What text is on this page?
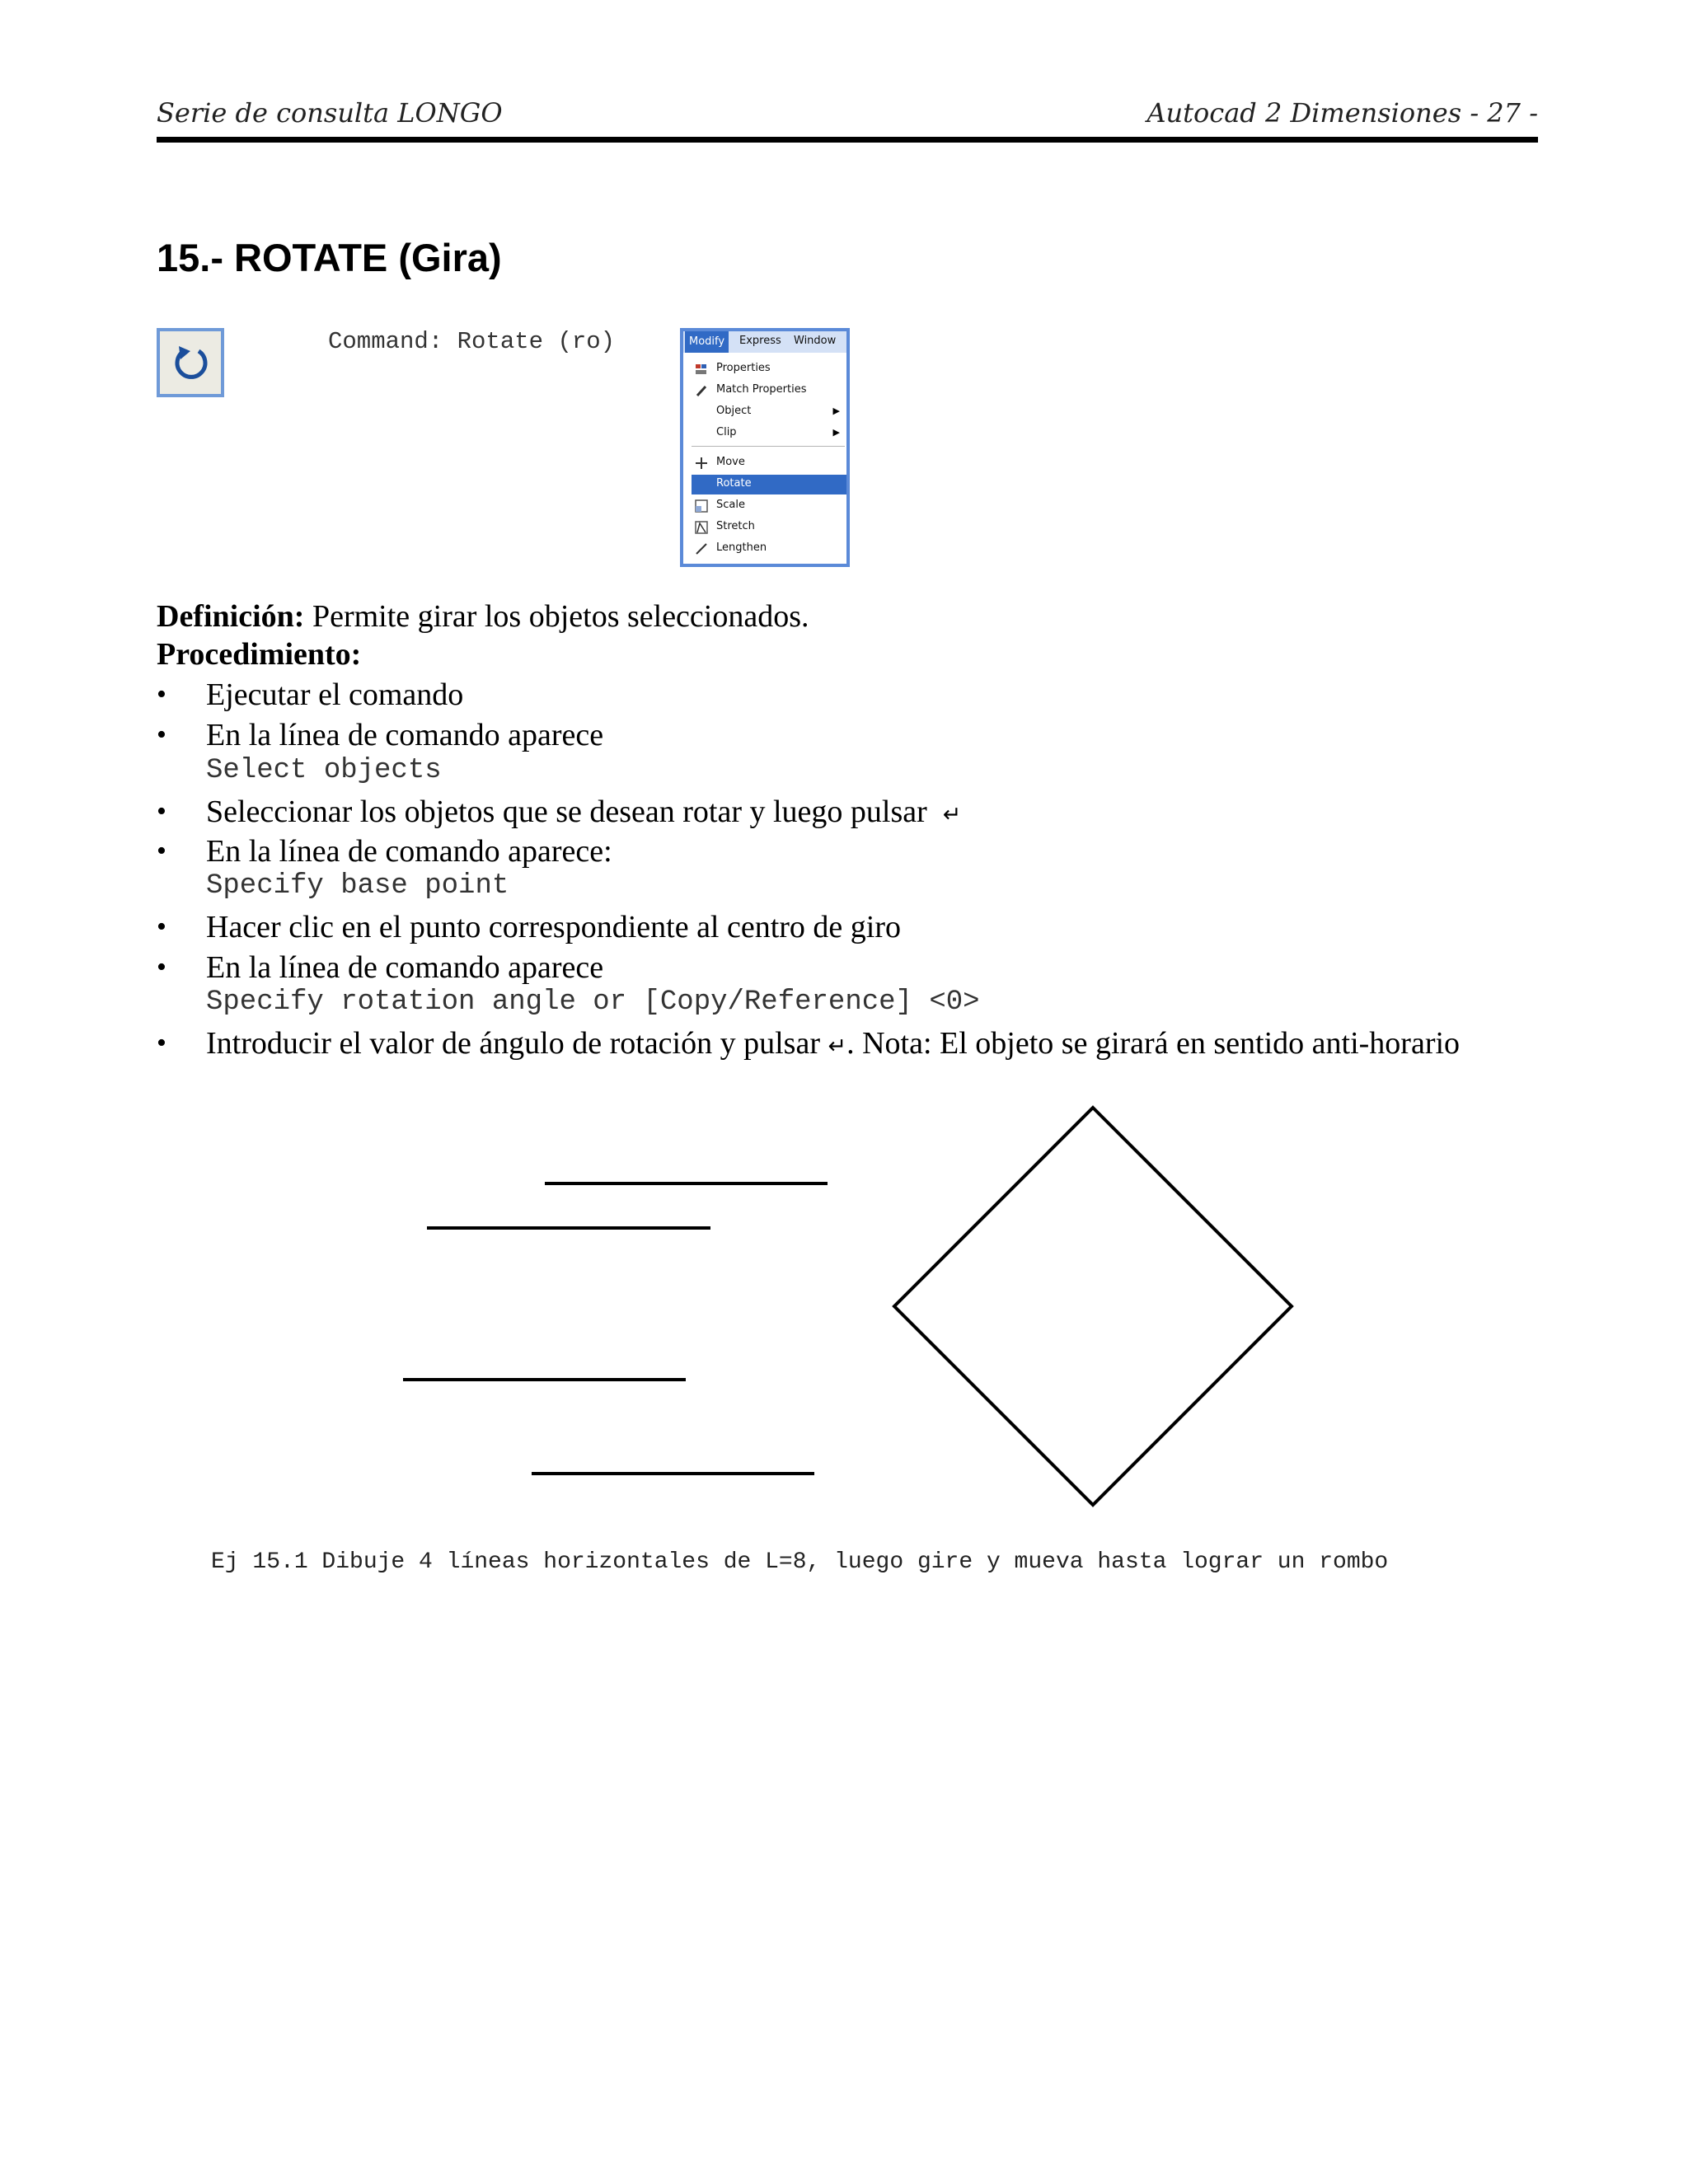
Serie de consulta LONGO	Autocad 2 Dimensiones - 27 -
15.- ROTATE (Gira)
Command: Rotate (ro)	Modify	Express Window
Properties
Match Properties
Object	▶
Clip	▶
Move
Rotate
Scale
Stretch
Lengthen
Definición: Permite girar los objetos seleccionados.
Procedimiento:
• Ejecutar el comando
• En la línea de comando aparece
Select objects
• Seleccionar los objetos que se desean rotar y luego pulsar ↵
• En la línea de comando aparece:
Specify base point
• Hacer clic en el punto correspondiente al centro de giro
• En la línea de comando aparece
Specify rotation angle or [Copy/Reference] <0>
• Introducir el valor de ángulo de rotación y pulsar ↵. Nota: El objeto se girará en sentido anti-horario
Ej 15.1 Dibuje 4 líneas horizontales de L=8, luego gire y mueva hasta lograr un rombo
